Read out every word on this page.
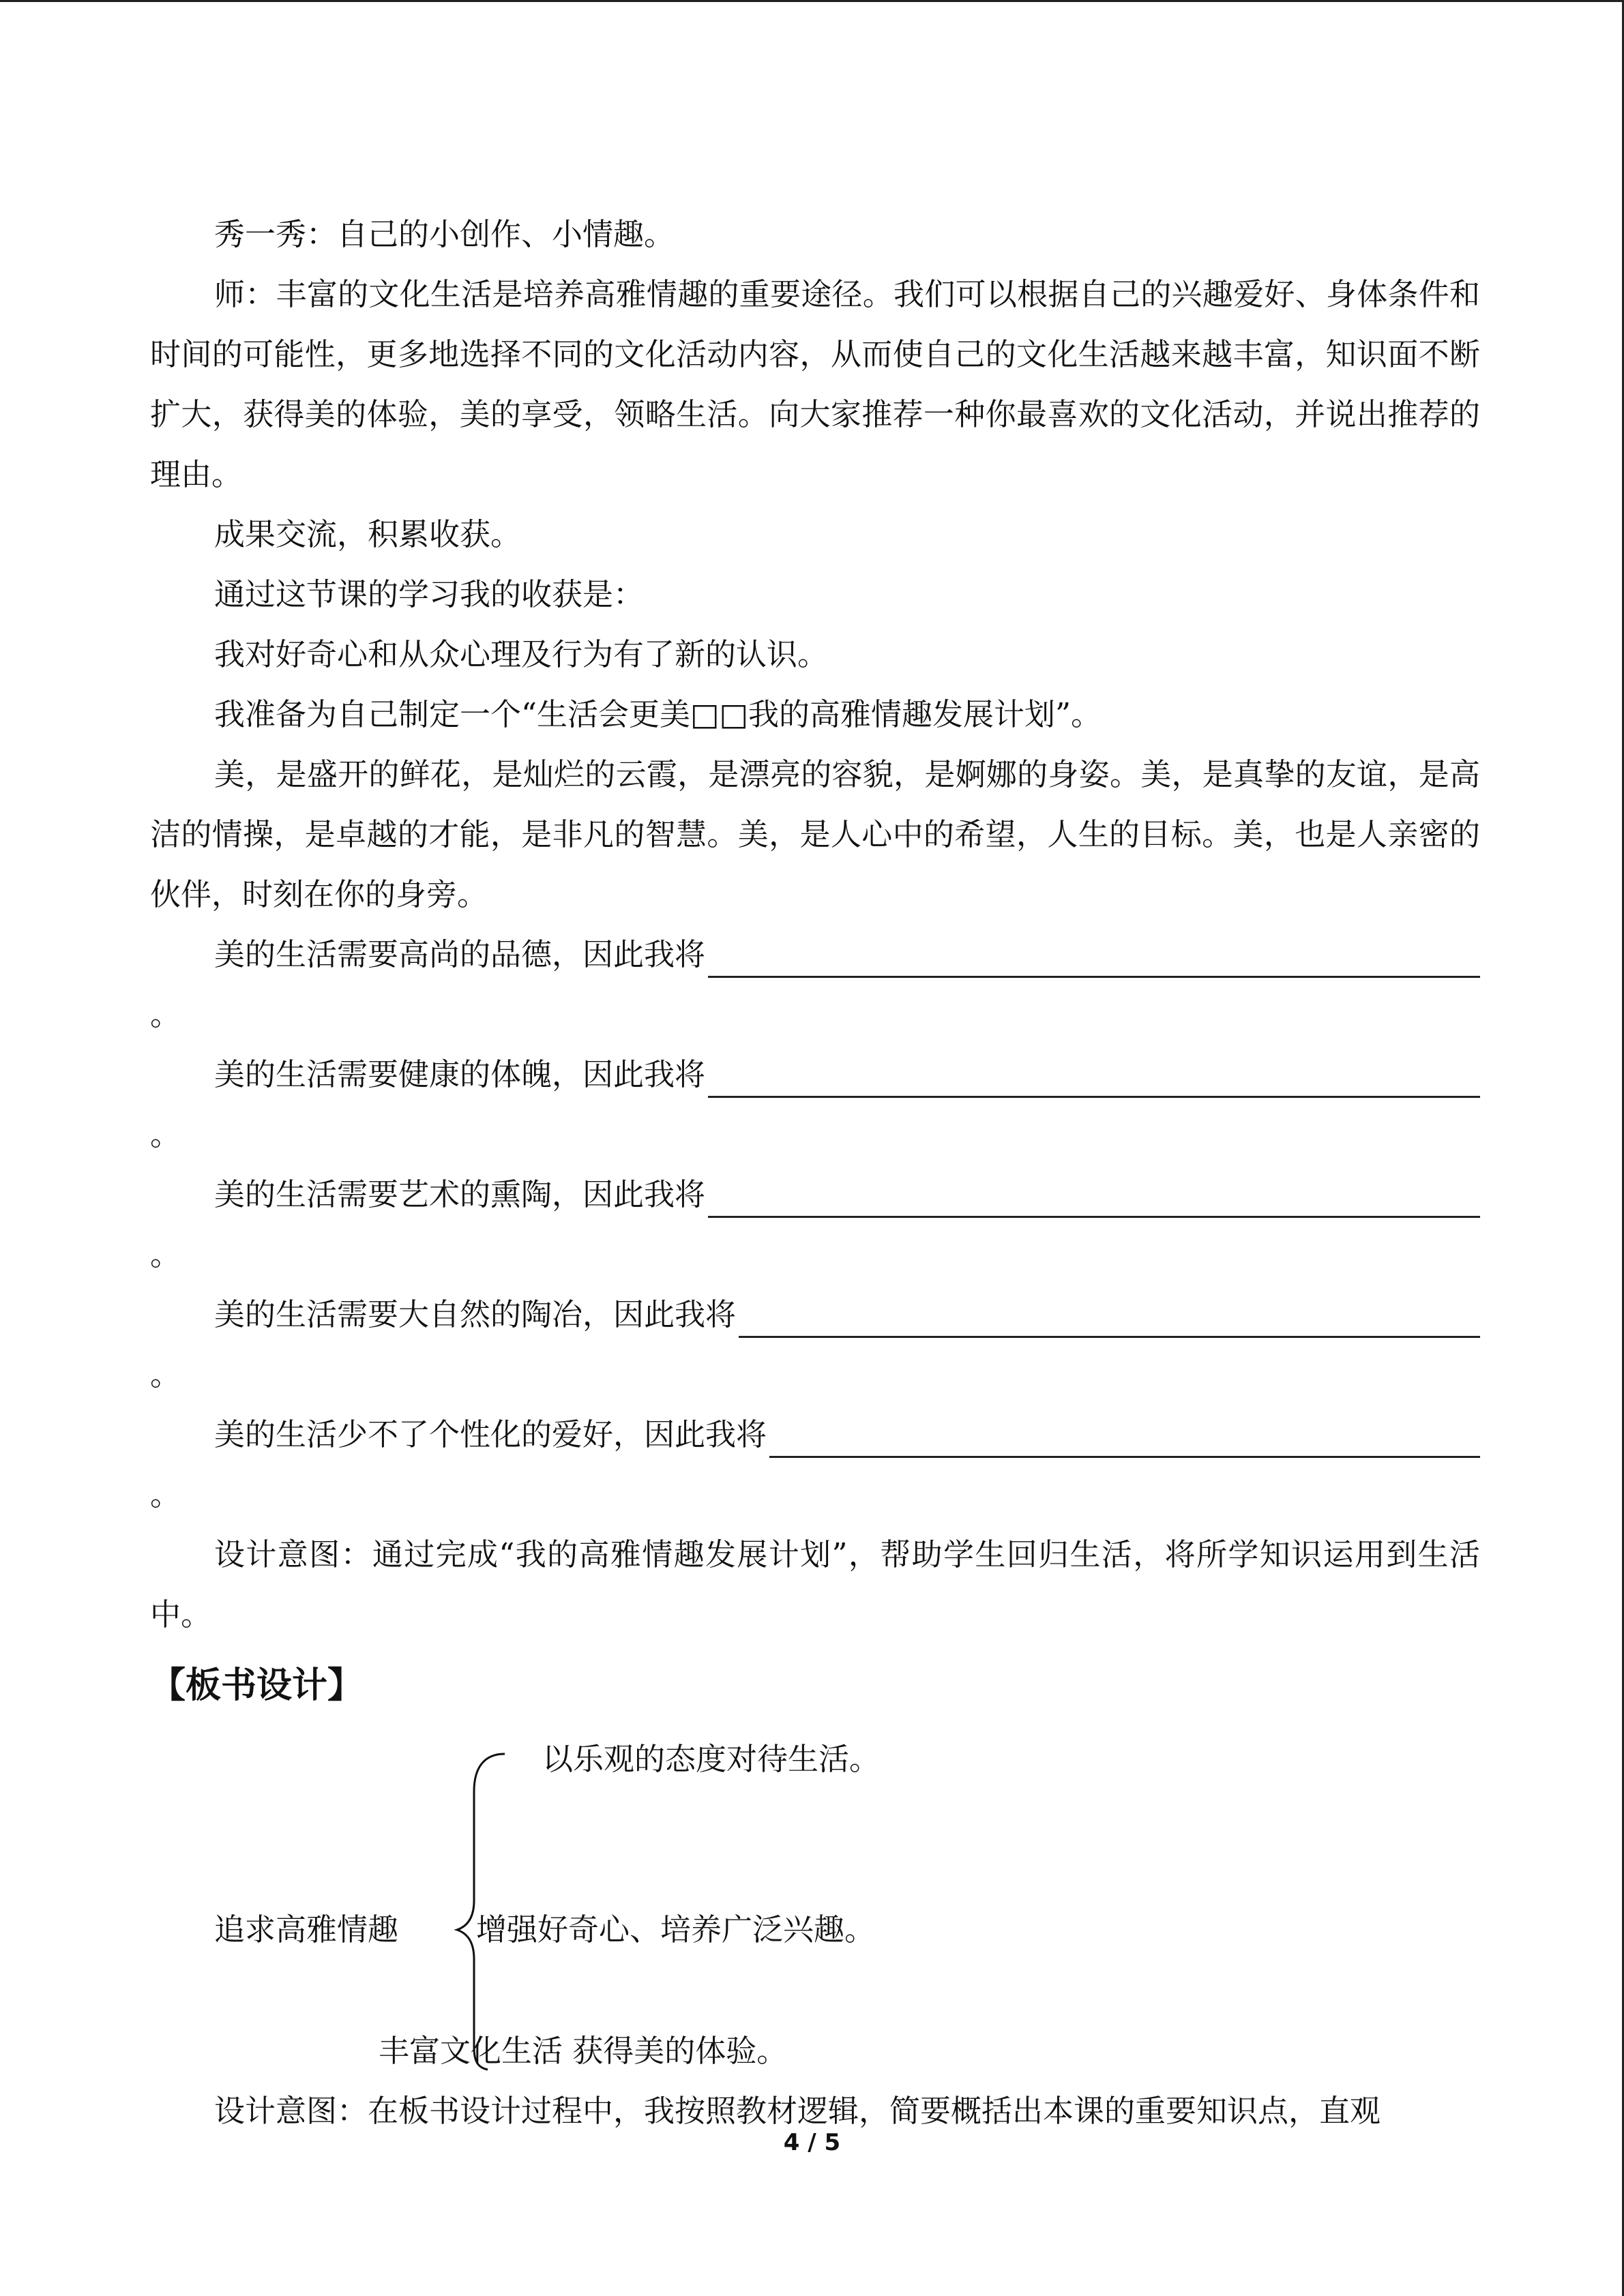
秀一秀：自己的小创作、小情趣。

师：丰富的文化生活是培养高雅情趣的重要途径。我们可以根据自己的兴趣爱好、身体条件和时间的可能性，更多地选择不同的文化活动内容，从而使自己的文化生活越来越丰富，知识面不断扩大，获得美的体验，美的享受，领略生活。向大家推荐一种你最喜欢的文化活动，并说出推荐的理由。

成果交流，积累收获。

通过这节课的学习我的收获是：

我对好奇心和从众心理及行为有了新的认识。

我准备为自己制定一个“生活会更美□□我的高雅情趣发展计划”。

美，是盛开的鲜花，是灿烂的云霞，是漂亮的容貌，是婀娜的身姿。美，是真挚的友谊，是高洁的情操，是卓越的才能，是非凡的智慧。美，是人心中的希望，人生的目标。美，也是人亲密的伙伴，时刻在你的身旁。

美的生活需要高尚的品德，因此我将
。
美的生活需要健康的体魄，因此我将
。
美的生活需要艺术的熏陶，因此我将
。
美的生活需要大自然的陶冶，因此我将
。
美的生活少不了个性化的爱好，因此我将
。

设计意图：通过完成“我的高雅情趣发展计划”，帮助学生回归生活，将所学知识运用到生活中。

【板书设计】

以乐观的态度对待生活。
追求高雅情趣	增强好奇心、培养广泛兴趣。
丰富文化生活 获得美的体验。

设计意图：在板书设计过程中，我按照教材逻辑，简要概括出本课的重要知识点，直观

4 / 5
